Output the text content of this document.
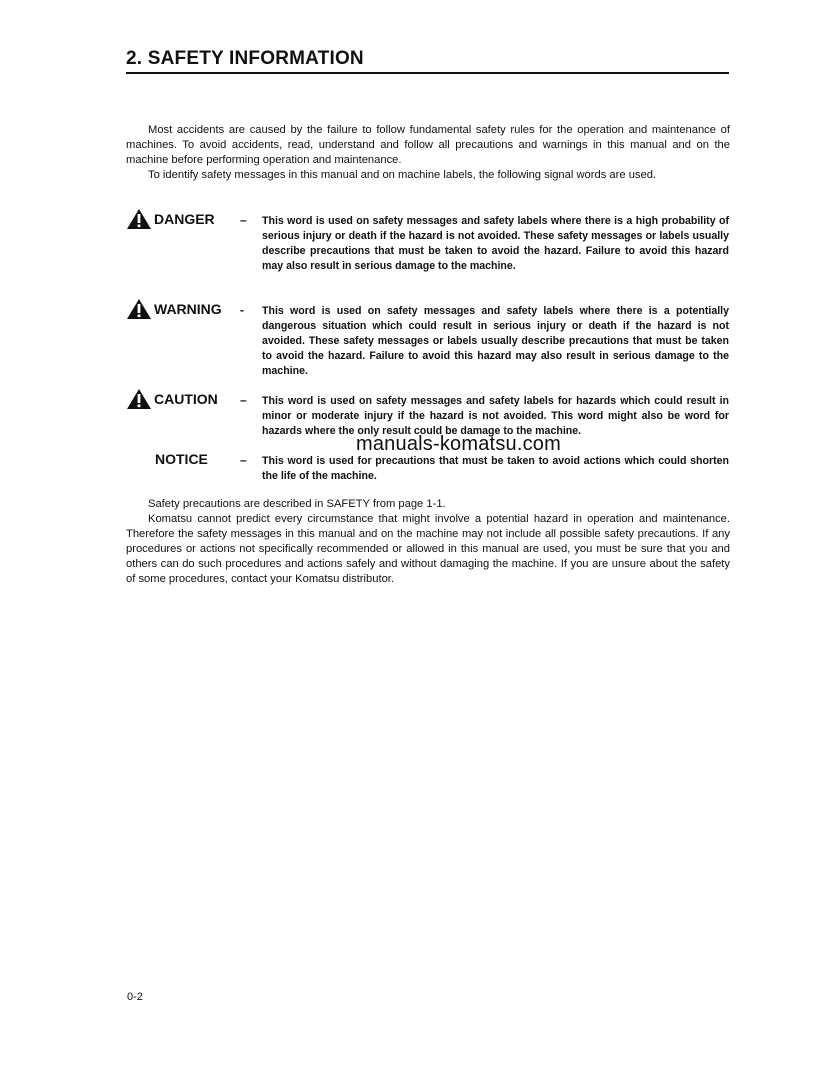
2. SAFETY INFORMATION

Most accidents are caused by the failure to follow fundamental safety rules for the operation and maintenance of machines. To avoid accidents, read, understand and follow all precautions and warnings in this manual and on the machine before performing operation and maintenance.

To identify safety messages in this manual and on machine labels, the following signal words are used.

DANGER – This word is used on safety messages and safety labels where there is a high probability of serious injury or death if the hazard is not avoided. These safety messages or labels usually describe precautions that must be taken to avoid the hazard. Failure to avoid this hazard may also result in serious damage to the machine.

WARNING - This word is used on safety messages and safety labels where there is a potentially dangerous situation which could result in serious injury or death if the hazard is not avoided. These safety messages or labels usually describe precautions that must be taken to avoid the hazard. Failure to avoid this hazard may also result in serious damage to the machine.

CAUTION – This word is used on safety messages and safety labels for hazards which could result in minor or moderate injury if the hazard is not avoided. This word might also be word for hazards where the only result could be damage to the machine.

manuals-komatsu.com
NOTICE	– This word is used for precautions that must be taken to avoid actions which could shorten the life of the machine.

Safety precautions are described in SAFETY from page 1-1.

Komatsu cannot predict every circumstance that might involve a potential hazard in operation and maintenance. Therefore the safety messages in this manual and on the machine may not include all possible safety precautions. If any procedures or actions not specifically recommended or allowed in this manual are used, you must be sure that you and others can do such procedures and actions safely and without damaging the machine. If you are unsure about the safety of some procedures, contact your Komatsu distributor.

0-2
